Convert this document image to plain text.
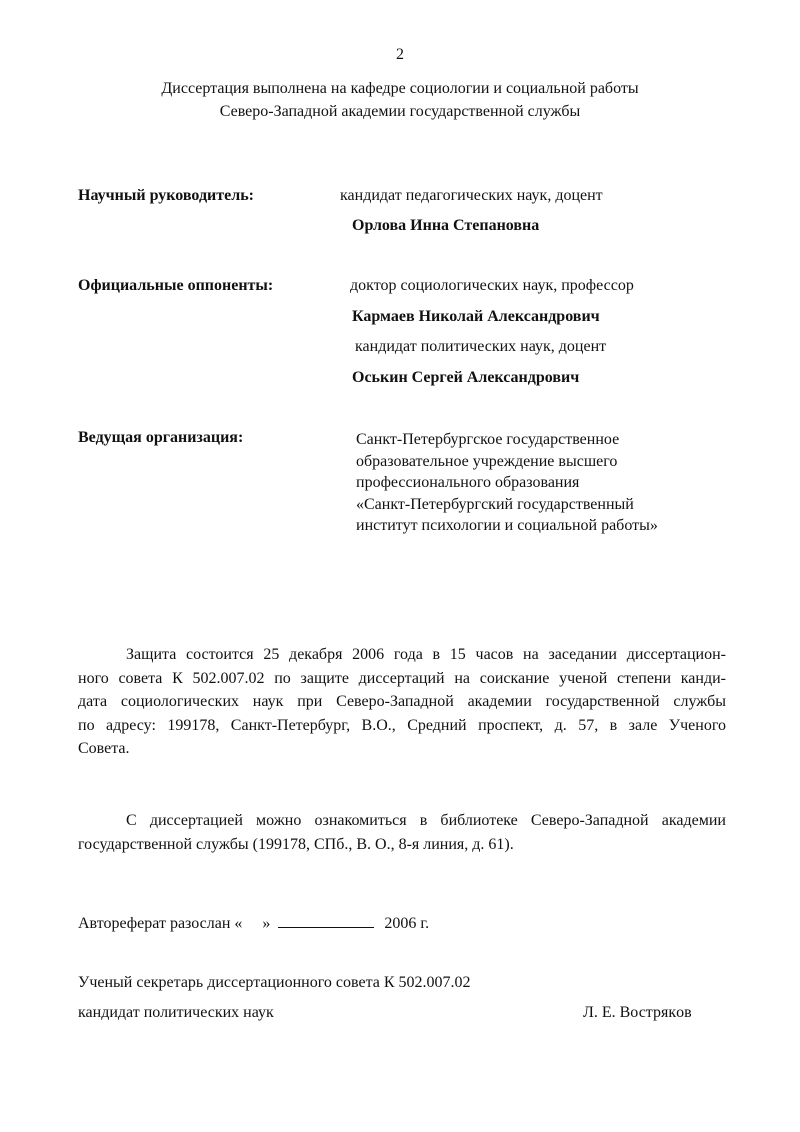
2
Диссертация выполнена на кафедре социологии и социальной работы
Северо-Западной академии государственной службы
Научный руководитель:	кандидат педагогических наук, доцент
Орлова Инна Степановна
Официальные оппоненты:	доктор социологических наук, профессор
Кармаев Николай Александрович
кандидат политических наук, доцент
Оськин Сергей Александрович
Ведущая организация:	Санкт-Петербургское государственное
образовательное учреждение высшего
профессионального образования
«Санкт-Петербургский государственный
институт психологии и социальной работы»
Защита состоится 25 декабря 2006 года в 15 часов на заседании диссертацион-
ного совета К 502.007.02 по защите диссертаций на соискание ученой степени канди-
дата социологических наук при Северо-Западной академии государственной службы
по адресу: 199178, Санкт-Петербург, В.О., Средний проспект, д. 57, в зале Ученого
Совета.
С диссертацией можно ознакомиться в библиотеке Северо-Западной академии
государственной службы (199178, СПб., В. О., 8-я линия, д. 61).
Автореферат разослан « »	2006 г.
Ученый секретарь диссертационного совета К 502.007.02
кандидат политических наук	Л. Е. Вострякoв
